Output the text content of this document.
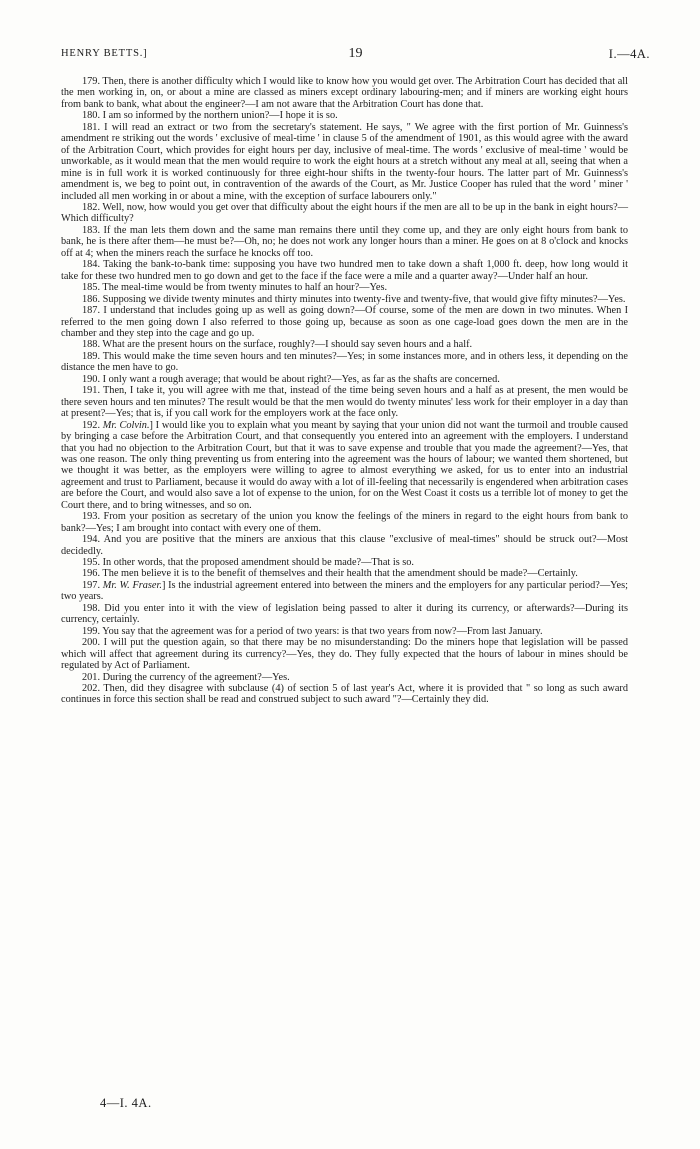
HENRY BETTS.]	19	I.—4A.

179. Then, there is another difficulty which I would like to know how you would get over. The Arbitration Court has decided that all the men working in, on, or about a mine are classed as miners except ordinary labouring-men; and if miners are working eight hours from bank to bank, what about the engineer?—I am not aware that the Arbitration Court has done that.

180. I am so informed by the northern union?—I hope it is so.

181. I will read an extract or two from the secretary's statement. He says, " We agree with the first portion of Mr. Guinness's amendment re striking out the words ' exclusive of meal-time ' in clause 5 of the amendment of 1901, as this would agree with the award of the Arbitration Court, which provides for eight hours per day, inclusive of meal-time. The words ' exclusive of meal-time ' would be unworkable, as it would mean that the men would require to work the eight hours at a stretch without any meal at all, seeing that when a mine is in full work it is worked continuously for three eight-hour shifts in the twenty-four hours. The latter part of Mr. Guinness's amendment is, we beg to point out, in contravention of the awards of the Court, as Mr. Justice Cooper has ruled that the word ' miner ' included all men working in or about a mine, with the exception of surface labourers only."

182. Well, now, how would you get over that difficulty about the eight hours if the men are all to be up in the bank in eight hours?—Which difficulty?

183. If the man lets them down and the same man remains there until they come up, and they are only eight hours from bank to bank, he is there after them—he must be?—Oh, no; he does not work any longer hours than a miner. He goes on at 8 o'clock and knocks off at 4; when the miners reach the surface he knocks off too.

184. Taking the bank-to-bank time: supposing you have two hundred men to take down a shaft 1,000 ft. deep, how long would it take for these two hundred men to go down and get to the face if the face were a mile and a quarter away?—Under half an hour.

185. The meal-time would be from twenty minutes to half an hour?—Yes.

186. Supposing we divide twenty minutes and thirty minutes into twenty-five and twenty-five, that would give fifty minutes?—Yes.

187. I understand that includes going up as well as going down?—Of course, some of the men are down in two minutes. When I referred to the men going down I also referred to those going up, because as soon as one cage-load goes down the men are in the chamber and they step into the cage and go up.

188. What are the present hours on the surface, roughly?—I should say seven hours and a half.

189. This would make the time seven hours and ten minutes?—Yes; in some instances more, and in others less, it depending on the distance the men have to go.

190. I only want a rough average; that would be about right?—Yes, as far as the shafts are concerned.

191. Then, I take it, you will agree with me that, instead of the time being seven hours and a half as at present, the men would be there seven hours and ten minutes? The result would be that the men would do twenty minutes' less work for their employer in a day than at present?—Yes; that is, if you call work for the employers work at the face only.

192. Mr. Colvin.] I would like you to explain what you meant by saying that your union did not want the turmoil and trouble caused by bringing a case before the Arbitration Court, and that consequently you entered into an agreement with the employers. I understand that you had no objection to the Arbitration Court, but that it was to save expense and trouble that you made the agreement?—Yes, that was one reason. The only thing preventing us from entering into the agreement was the hours of labour; we wanted them shortened, but we thought it was better, as the employers were willing to agree to almost everything we asked, for us to enter into an industrial agreement and trust to Parliament, because it would do away with a lot of ill-feeling that necessarily is engendered when arbitration cases are before the Court, and would also save a lot of expense to the union, for on the West Coast it costs us a terrible lot of money to get the Court there, and to bring witnesses, and so on.

193. From your position as secretary of the union you know the feelings of the miners in regard to the eight hours from bank to bank?—Yes; I am brought into contact with every one of them.

194. And you are positive that the miners are anxious that this clause "exclusive of meal-times" should be struck out?—Most decidedly.

195. In other words, that the proposed amendment should be made?—That is so.

196. The men believe it is to the benefit of themselves and their health that the amendment should be made?—Certainly.

197. Mr. W. Fraser.] Is the industrial agreement entered into between the miners and the employers for any particular period?—Yes; two years.

198. Did you enter into it with the view of legislation being passed to alter it during its currency, or afterwards?—During its currency, certainly.

199. You say that the agreement was for a period of two years: is that two years from now?—From last January.

200. I will put the question again, so that there may be no misunderstanding: Do the miners hope that legislation will be passed which will affect that agreement during its currency?—Yes, they do. They fully expected that the hours of labour in mines should be regulated by Act of Parliament.

201. During the currency of the agreement?—Yes.

202. Then, did they disagree with subclause (4) of section 5 of last year's Act, where it is provided that " so long as such award continues in force this section shall be read and construed subject to such award "?—Certainly they did.

4—I. 4A.
